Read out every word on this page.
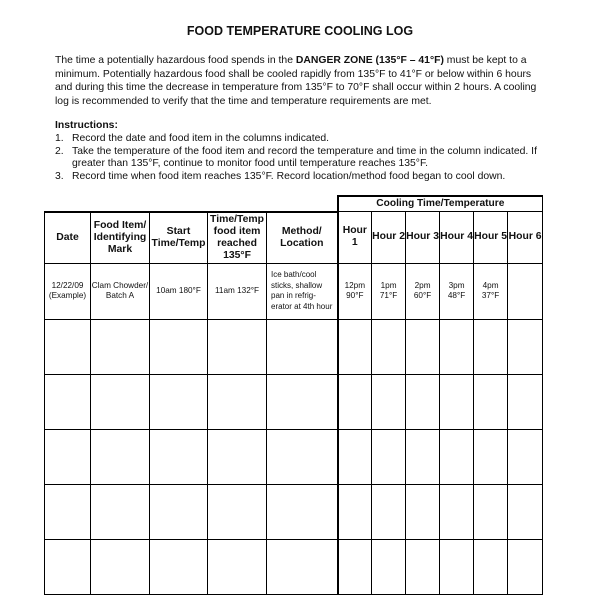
FOOD TEMPERATURE COOLING LOG
The time a potentially hazardous food spends in the DANGER ZONE (135°F – 41°F) must be kept to a minimum. Potentially hazardous food shall be cooled rapidly from 135°F to 41°F or below within 6 hours and during this time the decrease in temperature from 135°F to 70°F shall occur within 2 hours. A cooling log is recommended to verify that the time and temperature requirements are met.
Instructions:
1. Record the date and food item in the columns indicated.
2. Take the temperature of the food item and record the temperature and time in the column indicated. If greater than 135°F, continue to monitor food until temperature reaches 135°F.
3. Record time when food item reaches 135°F. Record location/method food began to cool down.
					Cooling Time/Temperature					
Date	Food Item/ Identifying Mark	Start Time/Temp	Time/Temp food item reached 135°F	Method/ Location	Hour 1	Hour 2	Hour 3	Hour 4	Hour 5	Hour 6
12/22/09 (Example)	Clam Chowder/ Batch A	10am 180°F	11am 132°F	Ice bath/cool sticks, shallow pan in refrig-erator at 4th hour	12pm 90°F	1pm 71°F	2pm 60°F	3pm 48°F	4pm 37°F	
